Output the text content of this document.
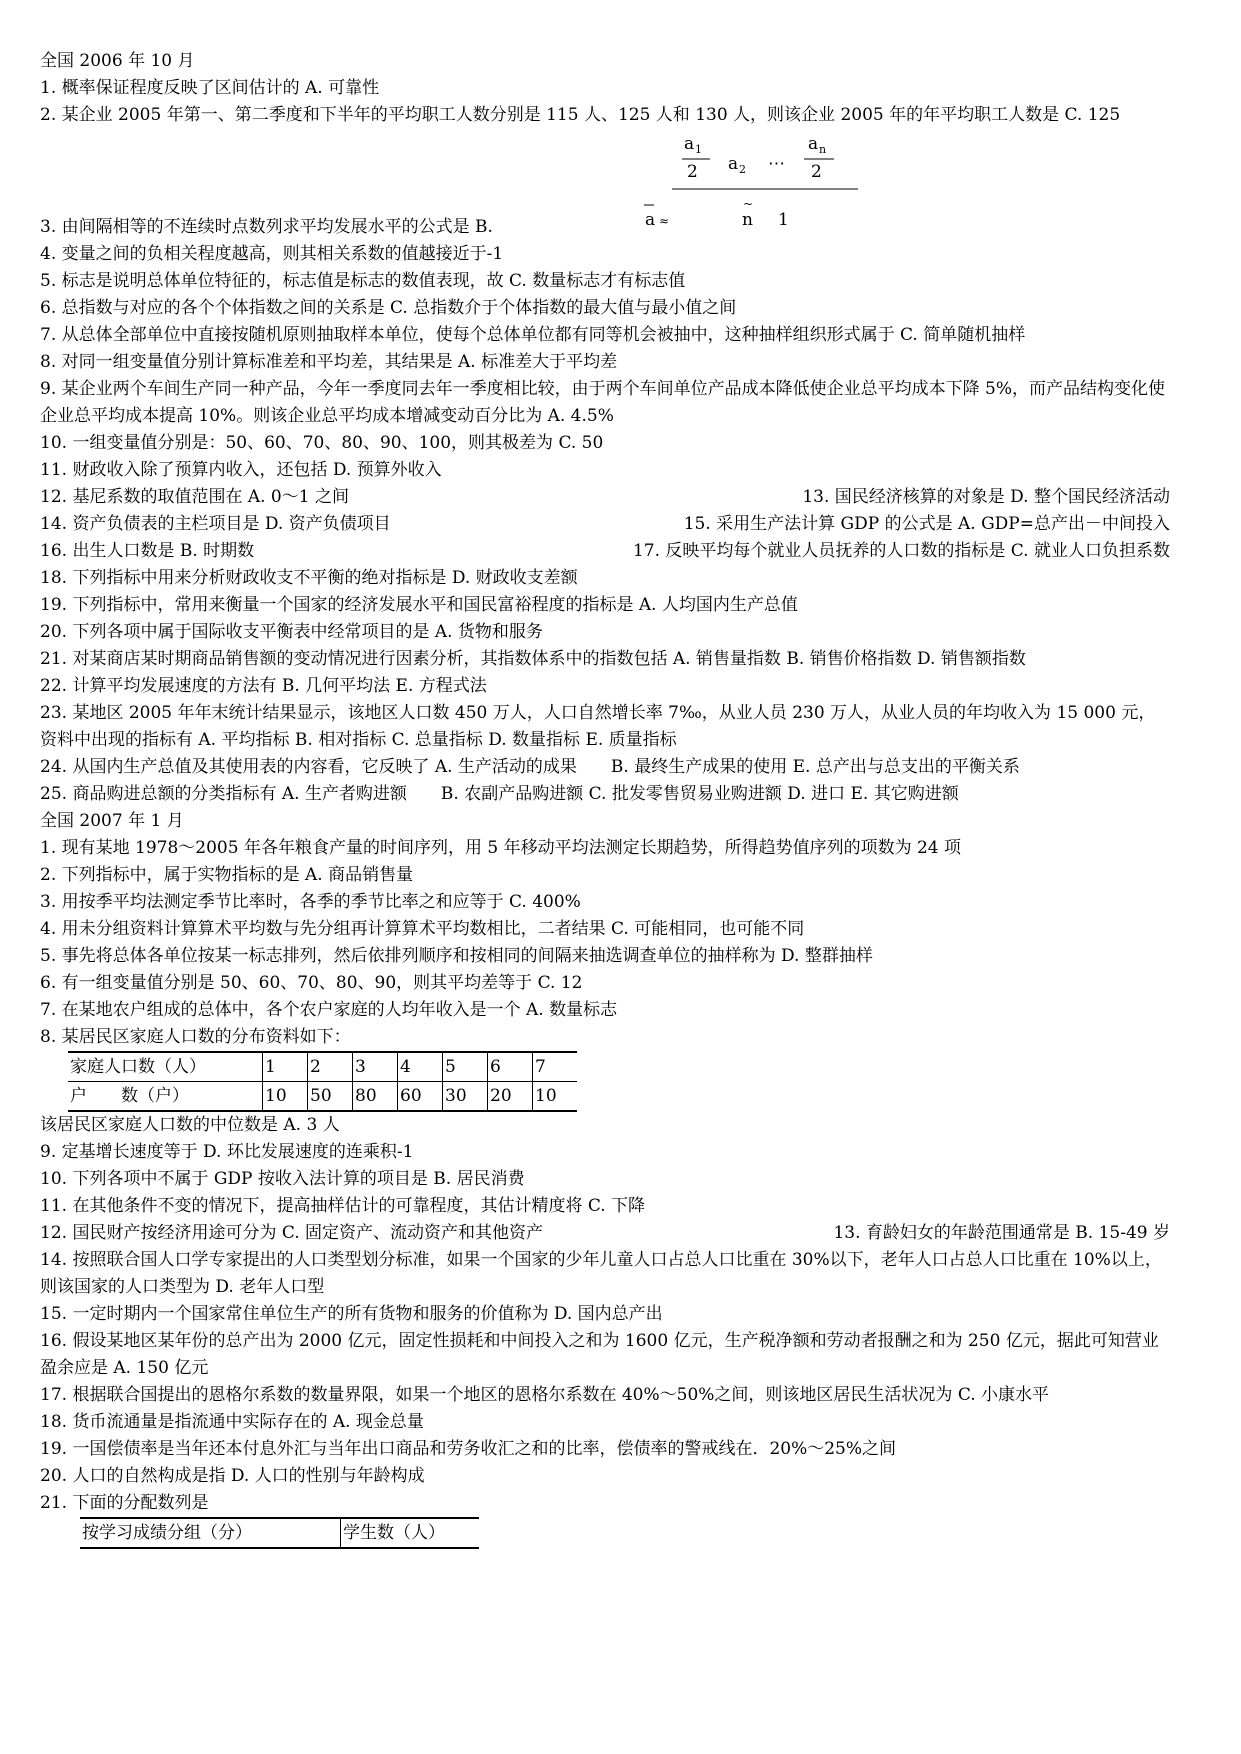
全国 2006 年 10 月
1. 概率保证程度反映了区间估计的 A. 可靠性
2. 某企业 2005 年第一、第二季度和下半年的平均职工人数分别是 115 人、125 人和 130 人，则该企业 2005 年的年平均职工人数是 C. 125
a ≈
a 1
2 a 2 ⋯
a n
2
~
n 1
3. 由间隔相等的不连续时点数列求平均发展水平的公式是 B.
4. 变量之间的负相关程度越高，则其相关系数的值越接近于-1
5. 标志是说明总体单位特征的，标志值是标志的数值表现，故 C. 数量标志才有标志值
6. 总指数与对应的各个个体指数之间的关系是 C. 总指数介于个体指数的最大值与最小值之间
7. 从总体全部单位中直接按随机原则抽取样本单位，使每个总体单位都有同等机会被抽中，这种抽样组织形式属于 C. 简单随机抽样
8. 对同一组变量值分别计算标准差和平均差，其结果是 A. 标准差大于平均差
9. 某企业两个车间生产同一种产品，今年一季度同去年一季度相比较，由于两个车间单位产品成本降低使企业总平均成本下降 5%，而产品结构变化使企业总平均成本提高 10%。则该企业总平均成本增减变动百分比为 A. 4.5%
10. 一组变量值分别是：50、60、70、80、90、100，则其极差为 C. 50
11. 财政收入除了预算内收入，还包括 D. 预算外收入
12. 基尼系数的取值范围在 A. 0～1 之间	13. 国民经济核算的对象是 D. 整个国民经济活动
14. 资产负债表的主栏项目是 D. 资产负债项目	15. 采用生产法计算 GDP 的公式是 A. GDP=总产出－中间投入
16. 出生人口数是 B. 时期数	17. 反映平均每个就业人员抚养的人口数的指标是 C. 就业人口负担系数
18. 下列指标中用来分析财政收支不平衡的绝对指标是 D. 财政收支差额
19. 下列指标中，常用来衡量一个国家的经济发展水平和国民富裕程度的指标是 A. 人均国内生产总值
20. 下列各项中属于国际收支平衡表中经常项目的是 A. 货物和服务
21. 对某商店某时期商品销售额的变动情况进行因素分析，其指数体系中的指数包括 A. 销售量指数 B. 销售价格指数 D. 销售额指数
22. 计算平均发展速度的方法有 B. 几何平均法 E. 方程式法
23. 某地区 2005 年年末统计结果显示，该地区人口数 450 万人，人口自然增长率 7‰，从业人员 230 万人，从业人员的年均收入为 15 000 元，资料中出现的指标有 A. 平均指标 B. 相对指标 C. 总量指标 D. 数量指标 E. 质量指标
24. 从国内生产总值及其使用表的内容看，它反映了 A. 生产活动的成果　　B. 最终生产成果的使用 E. 总产出与总支出的平衡关系
25. 商品购进总额的分类指标有 A. 生产者购进额　　B. 农副产品购进额 C. 批发零售贸易业购进额 D. 进口 E. 其它购进额
全国 2007 年 1 月
1. 现有某地 1978～2005 年各年粮食产量的时间序列，用 5 年移动平均法测定长期趋势，所得趋势值序列的项数为 24 项
2. 下列指标中，属于实物指标的是 A. 商品销售量
3. 用按季平均法测定季节比率时，各季的季节比率之和应等于 C. 400%
4. 用未分组资料计算算术平均数与先分组再计算算术平均数相比，二者结果 C. 可能相同，也可能不同
5. 事先将总体各单位按某一标志排列，然后依排列顺序和按相同的间隔来抽选调查单位的抽样称为 D. 整群抽样
6. 有一组变量值分别是 50、60、70、80、90，则其平均差等于 C. 12
7. 在某地农户组成的总体中，各个农户家庭的人均年收入是一个 A. 数量标志
8. 某居民区家庭人口数的分布资料如下：
家庭人口数（人）	1	2	3	4	5	6	7
户　　数（户）	10	50	80	60	30	20	10
该居民区家庭人口数的中位数是 A. 3 人
9. 定基增长速度等于 D. 环比发展速度的连乘积-1
10. 下列各项中不属于 GDP 按收入法计算的项目是 B. 居民消费
11. 在其他条件不变的情况下，提高抽样估计的可靠程度，其估计精度将 C. 下降
12. 国民财产按经济用途可分为 C. 固定资产、流动资产和其他资产	13. 育龄妇女的年龄范围通常是 B. 15-49 岁
14. 按照联合国人口学专家提出的人口类型划分标准，如果一个国家的少年儿童人口占总人口比重在 30%以下，老年人口占总人口比重在 10%以上，则该国家的人口类型为 D. 老年人口型
15. 一定时期内一个国家常住单位生产的所有货物和服务的价值称为 D. 国内总产出
16. 假设某地区某年份的总产出为 2000 亿元，固定性损耗和中间投入之和为 1600 亿元，生产税净额和劳动者报酬之和为 250 亿元，据此可知营业盈余应是 A. 150 亿元
17. 根据联合国提出的恩格尔系数的数量界限，如果一个地区的恩格尔系数在 40%～50%之间，则该地区居民生活状况为 C. 小康水平
18. 货币流通量是指流通中实际存在的 A. 现金总量
19. 一国偿债率是当年还本付息外汇与当年出口商品和劳务收汇之和的比率，偿债率的警戒线在．20%～25%之间
20. 人口的自然构成是指 D. 人口的性别与年龄构成
21. 下面的分配数列是
按学习成绩分组（分）	学生数（人）
